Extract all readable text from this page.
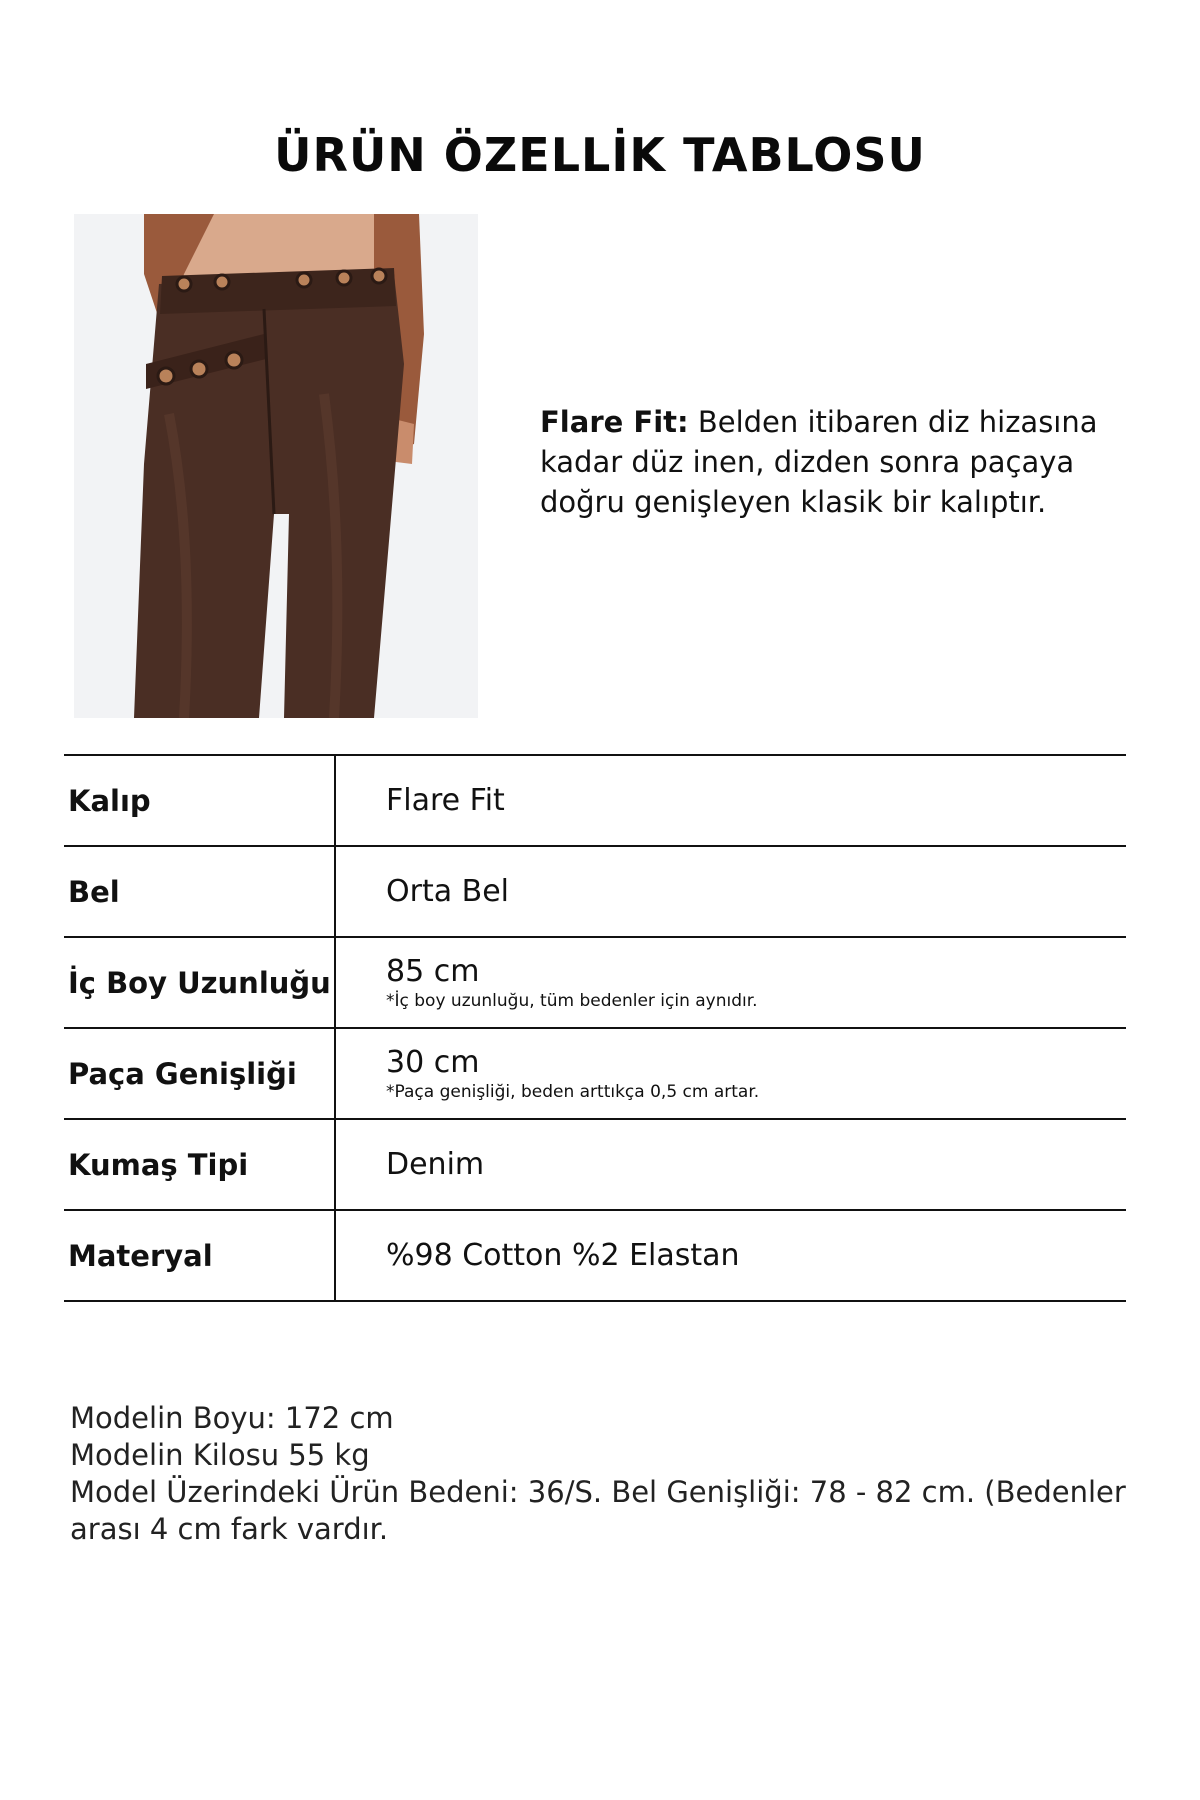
ÜRÜN ÖZELLİK TABLOSU
Flare Fit: Belden itibaren diz hizasına kadar düz inen, dizden sonra paçaya doğru genişleyen klasik bir kalıptır.
Kalıp	Flare Fit
Bel	Orta Bel
İç Boy Uzunluğu	85 cm
*İç boy uzunluğu, tüm bedenler için aynıdır.

Paça Genişliği	30 cm
*Paça genişliği, beden arttıkça 0,5 cm artar.

Kumaş Tipi	Denim
Materyal	%98 Cotton %2 Elastan
Modelin Boyu: 172 cm
Modelin Kilosu 55 kg
Model Üzerindeki Ürün Bedeni: 36/S. Bel Genişliği: 78 - 82 cm. (Bedenler arası 4 cm fark vardır.
